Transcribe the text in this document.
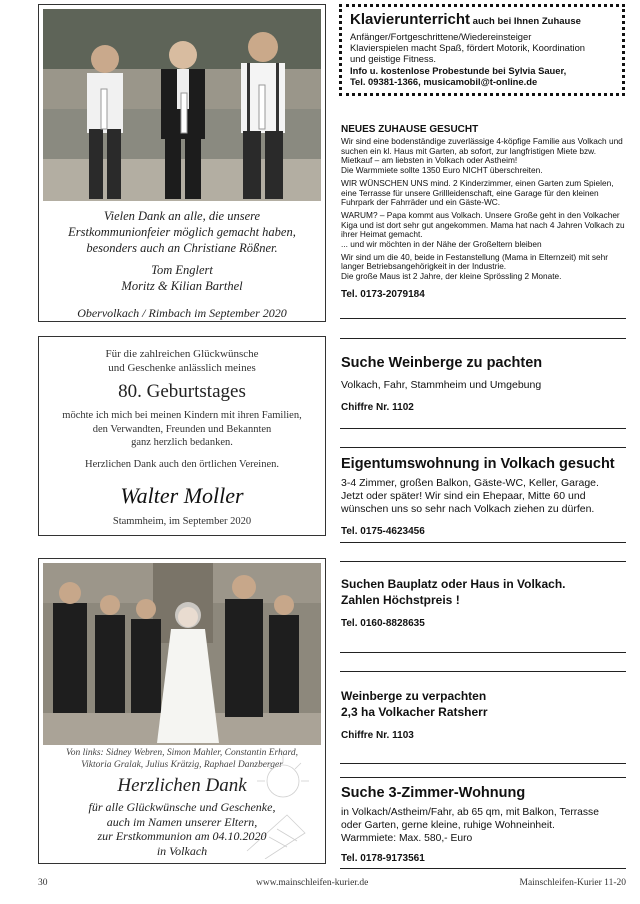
Vielen Dank an alle, die unsere

Erstkommunionfeier möglich gemacht haben,

besonders auch an Christiane Rößner.

Tom Englert

Moritz & Kilian Barthel

Obervolkach / Rimbach im September 2020

Für die zahlreichen Glückwünsche

und Geschenke anlässlich meines

80. Geburtstages

möchte ich mich bei meinen Kindern mit ihren Familien,

den Verwandten, Freunden und Bekannten

ganz herzlich bedanken.

Herzlichen Dank auch den örtlichen Vereinen.

Walter Moller

Stammheim, im September 2020

Von links: Sidney Webren, Simon Mahler, Constantin Erhard,

Viktoria Gralak, Julius Krätzig, Raphael Danzberger

Herzlichen Dank

für alle Glückwünsche und Geschenke,

auch im Namen unserer Eltern,

zur Erstkommunion am 04.10.2020

in Volkach

Klavierunterricht auch bei Ihnen Zuhause

Anfänger/Fortgeschrittene/Wiedereinsteiger

Klavierspielen macht Spaß, fördert Motorik, Koordination

und geistige Fitness.

Info u. kostenlose Probestunde bei Sylvia Sauer,

Tel. 09381-1366, musicamobil@t-online.de

NEUES ZUHAUSE GESUCHT

Wir sind eine bodenständige zuverlässige 4-köpfige Familie aus Volkach und suchen ein kl. Haus mit Garten, ab sofort, zur langfristigen Miete bzw. Mietkauf – am liebsten in Volkach oder Astheim!

Die Warmmiete sollte 1350 Euro NICHT überschreiten.

WIR WÜNSCHEN UNS mind. 2 Kinderzimmer, einen Garten zum Spielen, eine Terrasse für unsere Grillleidenschaft, eine Garage für den kleinen Fuhrpark der Fahrräder und ein Gäste-WC.

WARUM? – Papa kommt aus Volkach. Unsere Große geht in den Volkacher Kiga und ist dort sehr gut angekommen. Mama hat nach 4 Jahren Volkach zu ihrer Heimat gemacht.

... und wir möchten in der Nähe der Großeltern bleiben

Wir sind um die 40, beide in Festanstellung (Mama in Elternzeit) mit sehr langer Betriebsangehörigkeit in der Industrie.

Die große Maus ist 2 Jahre, der kleine Sprössling 2 Monate.

Tel. 0173-2079184

Suche Weinberge zu pachten

Volkach, Fahr, Stammheim und Umgebung

Chiffre Nr. 1102

Eigentumswohnung in Volkach gesucht

3-4 Zimmer, großen Balkon, Gäste-WC, Keller, Garage.

Jetzt oder später! Wir sind ein Ehepaar, Mitte 60 und

wünschen uns so sehr nach Volkach ziehen zu dürfen.

Tel. 0175-4623456

Suchen Bauplatz oder Haus in Volkach.

Zahlen Höchstpreis !

Tel. 0160-8828635

Weinberge zu verpachten

2,3 ha Volkacher Ratsherr

Chiffre Nr. 1103

Suche 3-Zimmer-Wohnung

in Volkach/Astheim/Fahr, ab 65 qm, mit Balkon, Terrasse

oder Garten, gerne kleine, ruhige Wohneinheit.

Warmmiete: Max. 580,- Euro

Tel. 0178-9173561

30	www.mainschleifen-kurier.de	Mainschleifen-Kurier 11-20
